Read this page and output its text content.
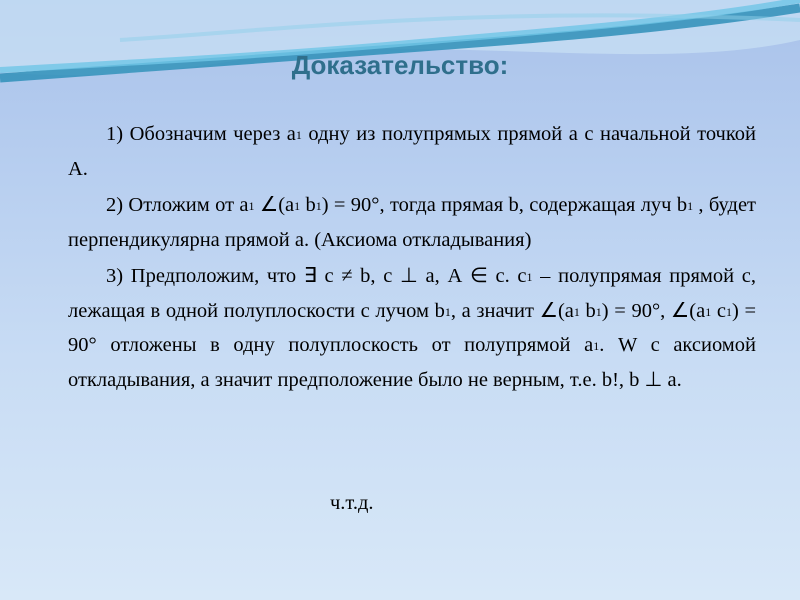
Доказательство:

1) Обозначим через $а_1$ одну из полупрямых прямой а с начальной точкой А.

2) Отложим от $а_1$ $\angle(а_1$ $b_1) = 90^\circ$, тогда прямая b, содержащая луч $b_1$ , будет перпендикулярна прямой а. (Аксиома откладывания)

3) Предположим, что ∃ с ≠ b, с ⊥ а, А ∈ с. $с_1$ – полупрямая прямой с, лежащая в одной полуплоскости с лучом $b_1$, а значит $\angle(а_1$ $b_1) = 90^\circ$, $\angle(а_1$ $с_1) = 90^\circ$ отложены в одну полуплоскость от полупрямой $а_1$. W с аксиомой откладывания, а значит предположение было не верным, т.е. b!, b ⊥ а.

ч.т.д.
